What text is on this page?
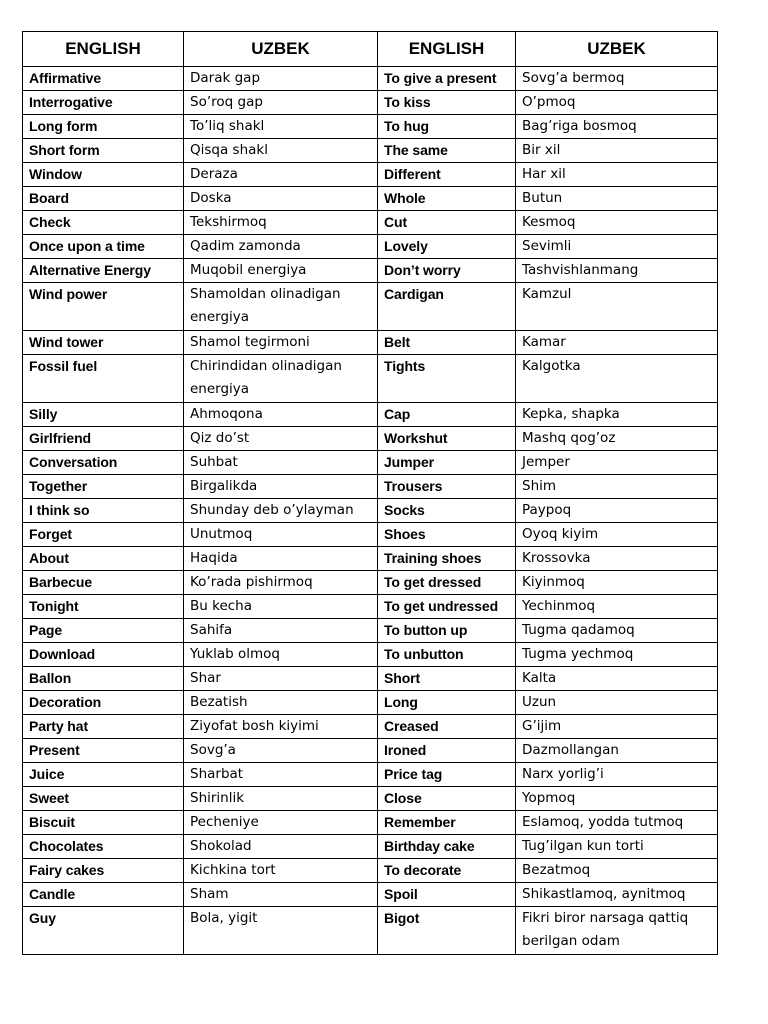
ENGLISH	UZBEK	ENGLISH	UZBEK
Affirmative	Darak gap	To give a present	Sovg’a bermoq
Interrogative	So’roq gap	To kiss	O’pmoq
Long form	To’liq shakl	To hug	Bag’riga bosmoq
Short form	Qisqa shakl	The same	Bir xil
Window	Deraza	Different	Har xil
Board	Doska	Whole	Butun
Check	Tekshirmoq	Cut	Kesmoq
Once upon a time	Qadim zamonda	Lovely	Sevimli
Alternative Energy	Muqobil energiya	Don’t worry	Tashvishlanmang
Wind power	Shamoldan olinadigan energiya	Cardigan	Kamzul
Wind tower	Shamol tegirmoni	Belt	Kamar
Fossil fuel	Chirindidan olinadigan energiya	Tights	Kalgotka
Silly	Ahmoqona	Cap	Kepka, shapka
Girlfriend	Qiz do’st	Workshut	Mashq qog’oz
Conversation	Suhbat	Jumper	Jemper
Together	Birgalikda	Trousers	Shim
I think so	Shunday deb o’ylayman	Socks	Paypoq
Forget	Unutmoq	Shoes	Oyoq kiyim
About	Haqida	Training shoes	Krossovka
Barbecue	Ko’rada pishirmoq	To get dressed	Kiyinmoq
Tonight	Bu kecha	To get undressed	Yechinmoq
Page	Sahifa	To button up	Tugma qadamoq
Download	Yuklab olmoq	To unbutton	Tugma yechmoq
Ballon	Shar	Short	Kalta
Decoration	Bezatish	Long	Uzun
Party hat	Ziyofat bosh kiyimi	Creased	G’ijim
Present	Sovg’a	Ironed	Dazmollangan
Juice	Sharbat	Price tag	Narx yorlig’i
Sweet	Shirinlik	Close	Yopmoq
Biscuit	Pecheniye	Remember	Eslamoq, yodda tutmoq
Chocolates	Shokolad	Birthday cake	Tug’ilgan kun torti
Fairy cakes	Kichkina tort	To decorate	Bezatmoq
Candle	Sham	Spoil	Shikastlamoq, aynitmoq
Guy	Bola, yigit	Bigot	Fikri biror narsaga qattiq berilgan odam
